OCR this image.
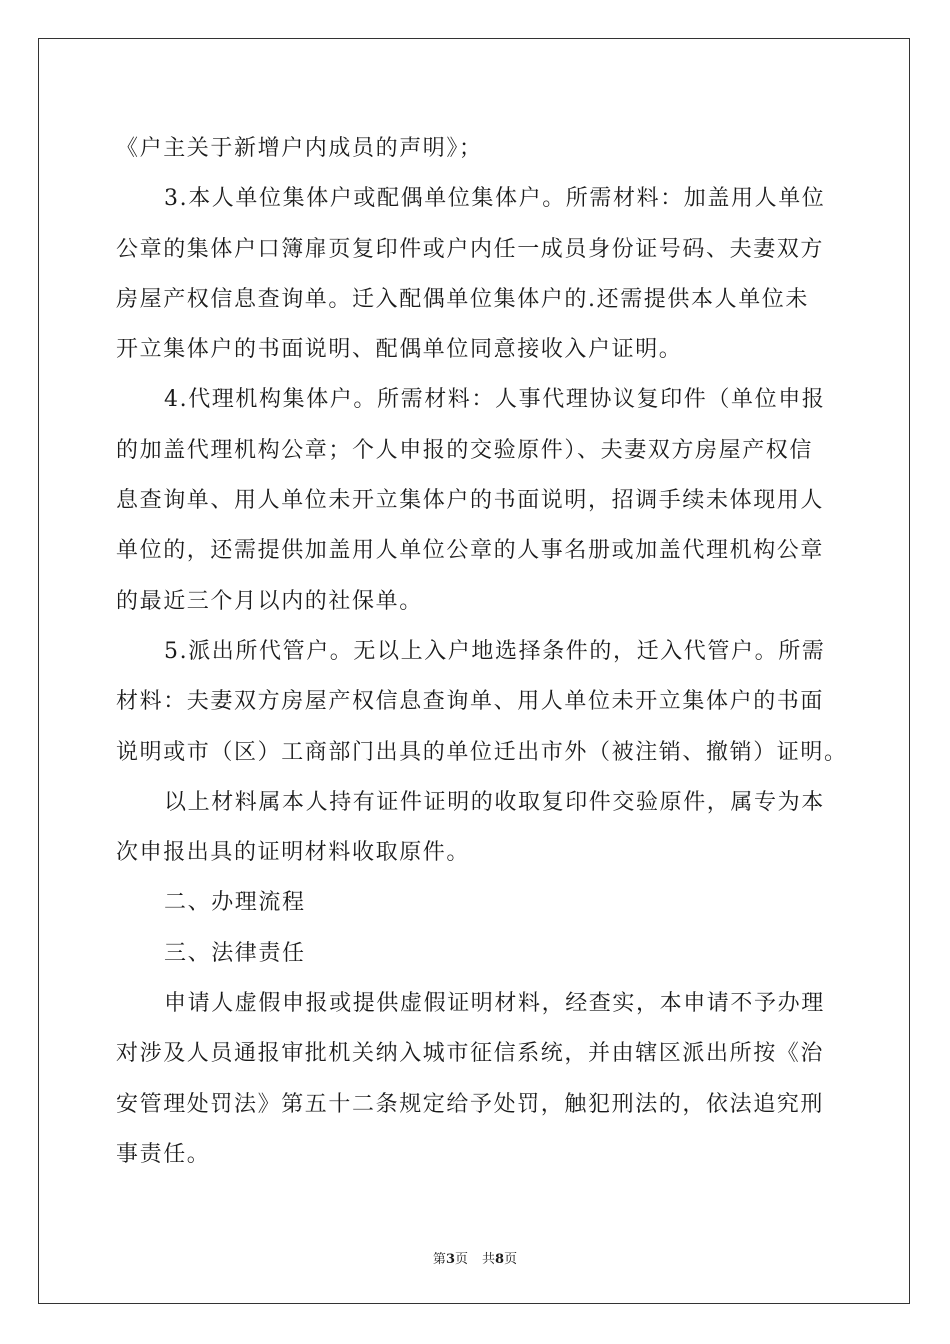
《户主关于新增户内成员的声明》；
3.本人单位集体户或配偶单位集体户。所需材料：加盖用人单位
公章的集体户口簿扉页复印件或户内任一成员身份证号码、夫妻双方
房屋产权信息查询单。迁入配偶单位集体户的.还需提供本人单位未
开立集体户的书面说明、配偶单位同意接收入户证明。
4.代理机构集体户。所需材料：人事代理协议复印件（单位申报
的加盖代理机构公章；个人申报的交验原件）、夫妻双方房屋产权信
息查询单、用人单位未开立集体户的书面说明，招调手续未体现用人
单位的，还需提供加盖用人单位公章的人事名册或加盖代理机构公章
的最近三个月以内的社保单。
5.派出所代管户。无以上入户地选择条件的，迁入代管户。所需
材料：夫妻双方房屋产权信息查询单、用人单位未开立集体户的书面
说明或市（区）工商部门出具的单位迁出市外（被注销、撤销）证明。
以上材料属本人持有证件证明的收取复印件交验原件，属专为本
次申报出具的证明材料收取原件。
二、办理流程
三、法律责任
申请人虚假申报或提供虚假证明材料，经查实，本申请不予办理
对涉及人员通报审批机关纳入城市征信系统，并由辖区派出所按《治
安管理处罚法》第五十二条规定给予处罚，触犯刑法的，依法追究刑
事责任。
第3页 共8页
